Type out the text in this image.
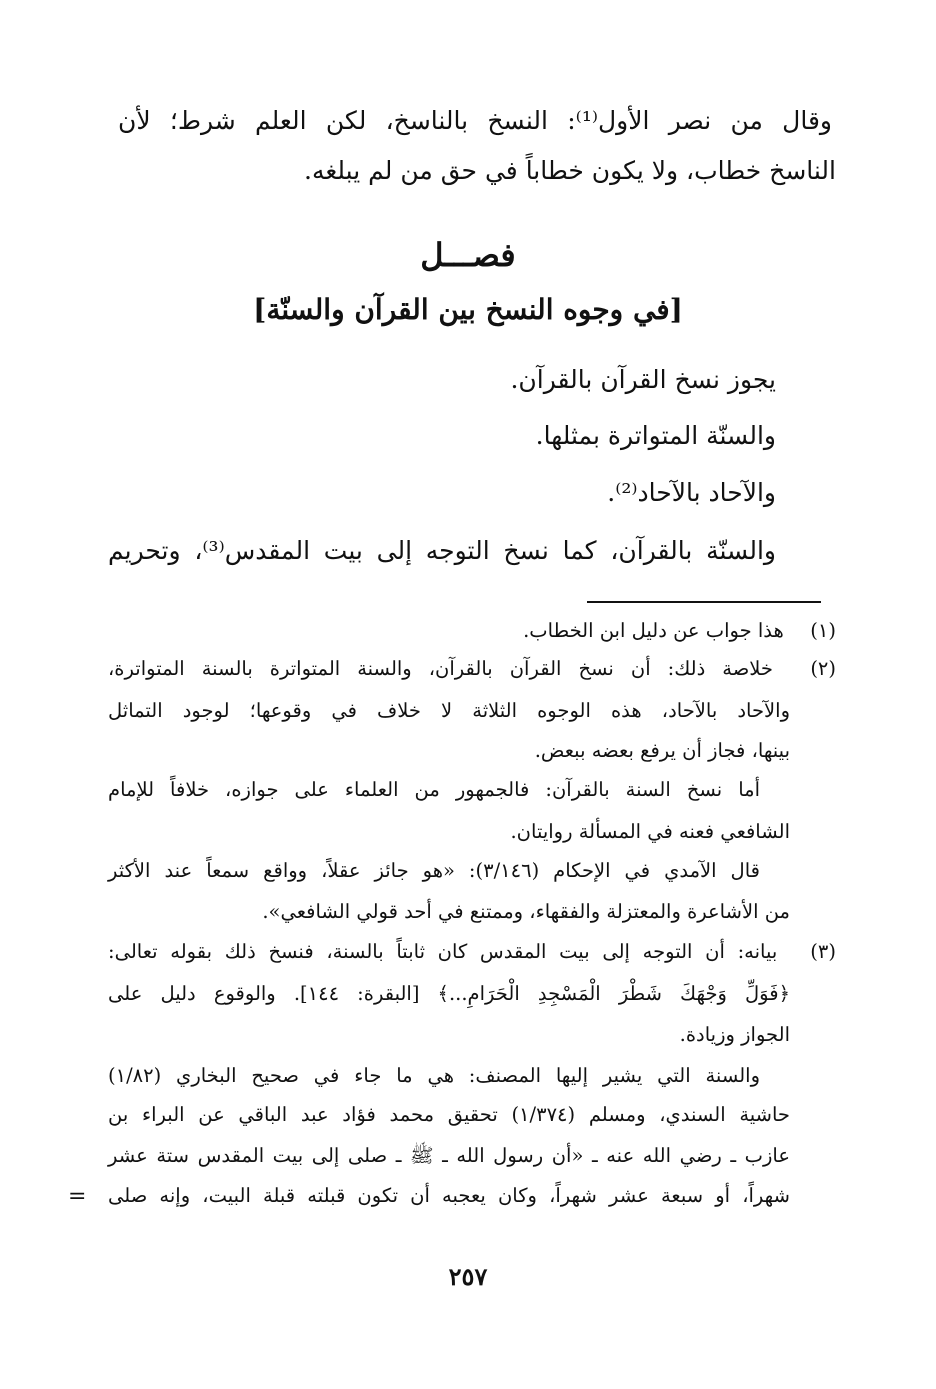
وقال من نصر الأول⁽¹⁾: النسخ بالناسخ، لكن العلم شرط؛ لأن
الناسخ خطاب، ولا يكون خطاباً في حق من لم يبلغه.
فصـــل
[في وجوه النسخ بين القرآن والسنّة]
يجوز نسخ القرآن بالقرآن.
والسنّة المتواترة بمثلها.
والآحاد بالآحاد⁽²⁾.
والسنّة بالقرآن، كما نسخ التوجه إلى بيت المقدس⁽³⁾، وتحريم
(١) هذا جواب عن دليل ابن الخطاب.
(٢) خلاصة ذلك: أن نسخ القرآن بالقرآن، والسنة المتواترة بالسنة المتواترة،
والآحاد بالآحاد، هذه الوجوه الثلاثة لا خلاف في وقوعها؛ لوجود التماثل
بينها، فجاز أن يرفع بعضه ببعض.
أما نسخ السنة بالقرآن: فالجمهور من العلماء على جوازه، خلافاً للإمام
الشافعي فعنه في المسألة روايتان.
قال الآمدي في الإحكام (٣/١٤٦): «هو جائز عقلاً، وواقع سمعاً عند الأكثر
من الأشاعرة والمعتزلة والفقهاء، وممتنع في أحد قولي الشافعي».
(٣) بيانه: أن التوجه إلى بيت المقدس كان ثابتاً بالسنة، فنسخ ذلك بقوله تعالى:
﴿فَوَلِّ وَجْهَكَ شَطْرَ الْمَسْجِدِ الْحَرَامِ...﴾ [البقرة: ١٤٤]. والوقوع دليل على
الجواز وزيادة.
والسنة التي يشير إليها المصنف: هي ما جاء في صحيح البخاري (١/٨٢)
حاشية السندي، ومسلم (١/٣٧٤) تحقيق محمد فؤاد عبد الباقي عن البراء بن
عازب ـ رضي الله عنه ـ «أن رسول الله ـ ﷺ ـ صلى إلى بيت المقدس ستة عشر
شهراً، أو سبعة عشر شهراً، وكان يعجبه أن تكون قبلته قبلة البيت، وإنه صلى
=
٢٥٧
